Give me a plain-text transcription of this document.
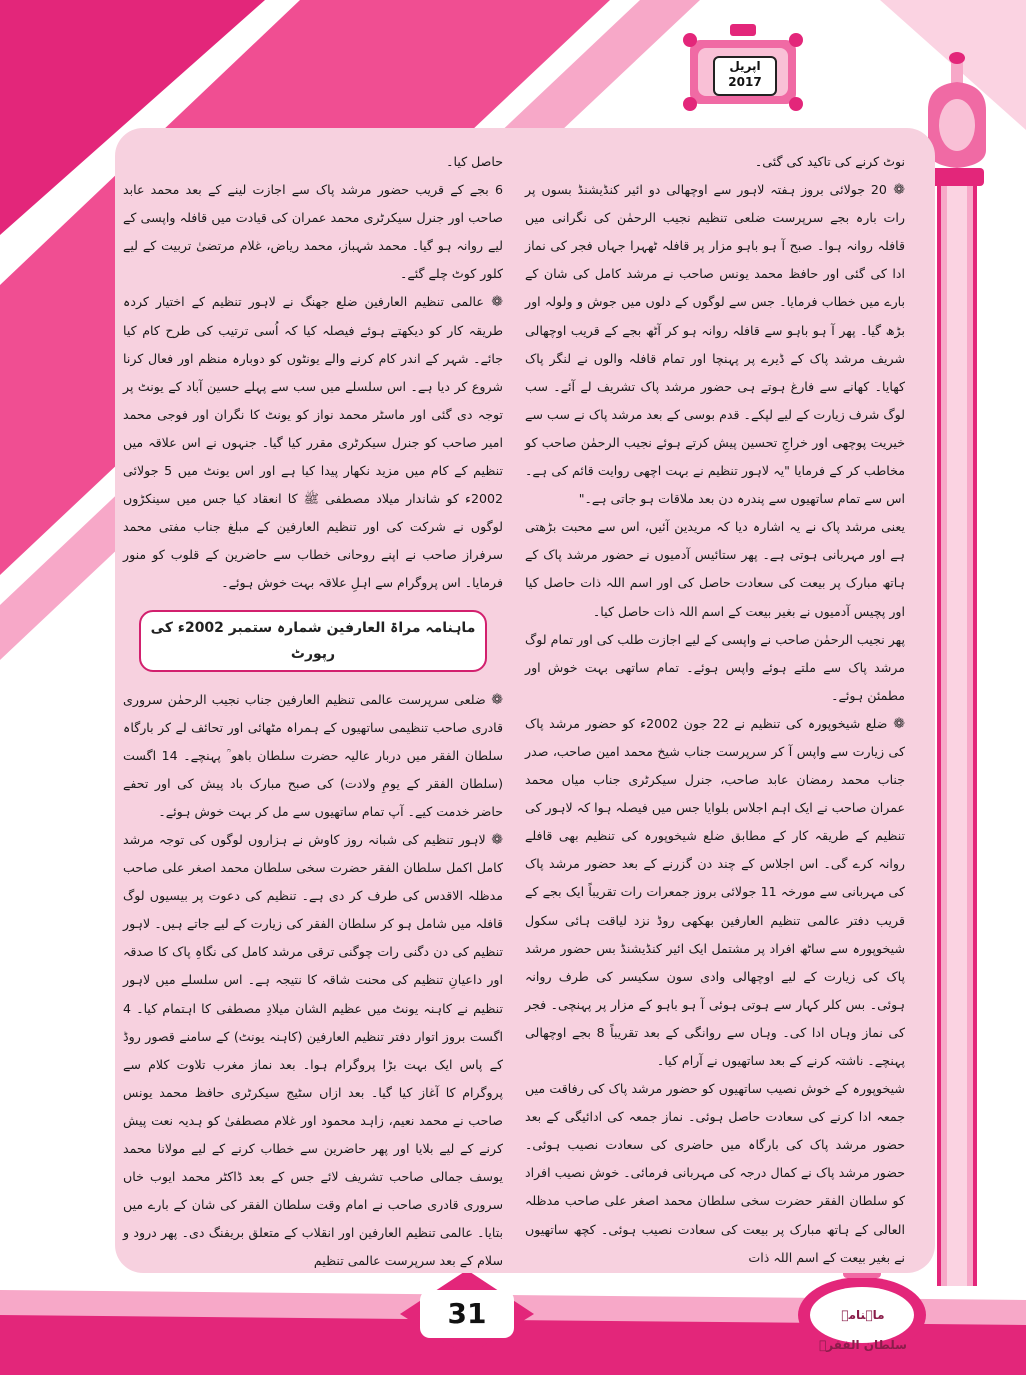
اپریل
2017

نوٹ کرنے کی تاکید کی گئی۔

❁ 20 جولائی بروز ہفتہ لاہور سے اوچھالی دو ائیر کنڈیشنڈ بسوں پر رات بارہ بجے سرپرست ضلعی تنظیم نجیب الرحمٰن کی نگرانی میں قافلہ روانہ ہوا۔ صبح آ ہو باہو مزار پر قافلہ ٹھہرا جہاں فجر کی نماز ادا کی گئی اور حافظ محمد یونس صاحب نے مرشد کامل کی شان کے بارے میں خطاب فرمایا۔ جس سے لوگوں کے دلوں میں جوش و ولولہ اور بڑھ گیا۔ پھر آ ہو باہو سے قافلہ روانہ ہو کر آٹھ بجے کے قریب اوچھالی شریف مرشد پاک کے ڈیرے پر پہنچا اور تمام قافلہ والوں نے لنگر پاک کھایا۔ کھانے سے فارغ ہوتے ہی حضور مرشد پاک تشریف لے آئے۔ سب لوگ شرف زیارت کے لیے لپکے۔ قدم بوسی کے بعد مرشد پاک نے سب سے خیریت پوچھی اور خراجِ تحسین پیش کرتے ہوئے نجیب الرحمٰن صاحب کو مخاطب کر کے فرمایا "یہ لاہور تنظیم نے بہت اچھی روایت قائم کی ہے۔ اس سے تمام ساتھیوں سے پندرہ دن بعد ملاقات ہو جاتی ہے۔"

یعنی مرشد پاک نے یہ اشارہ دیا کہ مریدین آئیں، اس سے محبت بڑھتی ہے اور مہربانی ہوتی ہے۔ پھر ستائیس آدمیوں نے حضور مرشد پاک کے ہاتھ مبارک پر بیعت کی سعادت حاصل کی اور اسم اللہ ذات حاصل کیا اور پچیس آدمیوں نے بغیر بیعت کے اسم اللہ ذات حاصل کیا۔

پھر نجیب الرحمٰن صاحب نے واپسی کے لیے اجازت طلب کی اور تمام لوگ مرشد پاک سے ملتے ہوئے واپس ہوئے۔ تمام ساتھی بہت خوش اور مطمئن ہوئے۔

❁ ضلع شیخوپورہ کی تنظیم نے 22 جون 2002ء کو حضور مرشد پاک کی زیارت سے واپس آ کر سرپرست جناب شیخ محمد امین صاحب، صدر جناب محمد رمضان عابد صاحب، جنرل سیکرٹری جناب میاں محمد عمران صاحب نے ایک اہم اجلاس بلوایا جس میں فیصلہ ہوا کہ لاہور کی تنظیم کے طریقہ کار کے مطابق ضلع شیخوپورہ کی تنظیم بھی قافلے روانہ کرے گی۔ اس اجلاس کے چند دن گزرنے کے بعد حضور مرشد پاک کی مہربانی سے مورخہ 11 جولائی بروز جمعرات رات تقریباً ایک بجے کے قریب دفتر عالمی تنظیم العارفین بھکھی روڈ نزد لیاقت ہائی سکول شیخوپورہ سے ساٹھ افراد پر مشتمل ایک ائیر کنڈیشنڈ بس حضور مرشد پاک کی زیارت کے لیے اوچھالی وادی سون سکیسر کی طرف روانہ ہوئی۔ بس کلر کہار سے ہوتی ہوئی آ ہو باہو کے مزار پر پہنچی۔ فجر کی نماز وہاں ادا کی۔ وہاں سے روانگی کے بعد تقریباً 8 بجے اوچھالی پہنچے۔ ناشتہ کرنے کے بعد ساتھیوں نے آرام کیا۔

شیخوپورہ کے خوش نصیب ساتھیوں کو حضور مرشد پاک کی رفاقت میں جمعہ ادا کرنے کی سعادت حاصل ہوئی۔ نماز جمعہ کی ادائیگی کے بعد حضور مرشد پاک کی بارگاہ میں حاضری کی سعادت نصیب ہوئی۔ حضور مرشد پاک نے کمال درجہ کی مہربانی فرمائی۔ خوش نصیب افراد کو سلطان الفقر حضرت سخی سلطان محمد اصغر علی صاحب مدظلہ العالی کے ہاتھ مبارک پر بیعت کی سعادت نصیب ہوئی۔ کچھ ساتھیوں نے بغیر بیعت کے اسم اللہ ذات

حاصل کیا۔

6 بجے کے قریب حضور مرشد پاک سے اجازت لینے کے بعد محمد عابد صاحب اور جنرل سیکرٹری محمد عمران کی قیادت میں قافلہ واپسی کے لیے روانہ ہو گیا۔ محمد شہباز، محمد ریاض، غلام مرتضیٰ تربیت کے لیے کلور کوٹ چلے گئے۔

❁ عالمی تنظیم العارفین ضلع جھنگ نے لاہور تنظیم کے اختیار کردہ طریقہ کار کو دیکھتے ہوئے فیصلہ کیا کہ اُسی ترتیب کی طرح کام کیا جائے۔ شہر کے اندر کام کرنے والے یونٹوں کو دوبارہ منظم اور فعال کرنا شروع کر دیا ہے۔ اس سلسلے میں سب سے پہلے حسین آباد کے یونٹ پر توجہ دی گئی اور ماسٹر محمد نواز کو یونٹ کا نگران اور فوجی محمد امیر صاحب کو جنرل سیکرٹری مقرر کیا گیا۔ جنہوں نے اس علاقہ میں تنظیم کے کام میں مزید نکھار پیدا کیا ہے اور اس یونٹ میں 5 جولائی 2002ء کو شاندار میلاد مصطفی ﷺ کا انعقاد کیا جس میں سینکڑوں لوگوں نے شرکت کی اور تنظیم العارفین کے مبلغ جناب مفتی محمد سرفراز صاحب نے اپنے روحانی خطاب سے حاضرین کے قلوب کو منور فرمایا۔ اس پروگرام سے اہلِ علاقہ بہت خوش ہوئے۔

ماہنامہ مراۃ العارفین شمارہ ستمبر 2002ء کی رپورٹ

❁ ضلعی سرپرست عالمی تنظیم العارفین جناب نجیب الرحمٰن سروری قادری صاحب تنظیمی ساتھیوں کے ہمراہ مٹھائی اور تحائف لے کر بارگاہ سلطان الفقر میں دربار عالیہ حضرت سلطان باھو ؒ پہنچے۔ 14 اگست (سلطان الفقر کے یومِ ولادت) کی صبح مبارک باد پیش کی اور تحفے حاضر خدمت کیے۔ آپ تمام ساتھیوں سے مل کر بہت خوش ہوئے۔

❁ لاہور تنظیم کی شبانہ روز کاوش نے ہزاروں لوگوں کی توجہ مرشد کامل اکمل سلطان الفقر حضرت سخی سلطان محمد اصغر علی صاحب مدظلہ الاقدس کی طرف کر دی ہے۔ تنظیم کی دعوت پر بیسیوں لوگ قافلہ میں شامل ہو کر سلطان الفقر کی زیارت کے لیے جاتے ہیں۔ لاہور تنظیم کی دن دگنی رات چوگنی ترقی مرشد کامل کی نگاہِ پاک کا صدقہ اور داعیانِ تنظیم کی محنت شاقہ کا نتیجہ ہے۔ اس سلسلے میں لاہور تنظیم نے کاہنہ یونٹ میں عظیم الشان میلادِ مصطفی کا اہتمام کیا۔ 4 اگست بروز اتوار دفتر تنظیم العارفین (کاہنہ یونٹ) کے سامنے قصور روڈ کے پاس ایک بہت بڑا پروگرام ہوا۔ بعد نماز مغرب تلاوت کلام سے پروگرام کا آغاز کیا گیا۔ بعد ازاں سٹیج سیکرٹری حافظ محمد یونس صاحب نے محمد نعیم، زاہد محمود اور غلام مصطفیٰ کو ہدیہ نعت پیش کرنے کے لیے بلایا اور پھر حاضرین سے خطاب کرنے کے لیے مولانا محمد یوسف جمالی صاحب تشریف لائے جس کے بعد ڈاکٹر محمد ایوب خاں سروری قادری صاحب نے امام وقت سلطان الفقر کی شان کے بارے میں بتایا۔ عالمی تنظیم العارفین اور انقلاب کے متعلق بریفنگ دی۔ پھر درود و سلام کے بعد سرپرست عالمی تنظیم

31	ماہنامہ سلطان الفقرؒ
